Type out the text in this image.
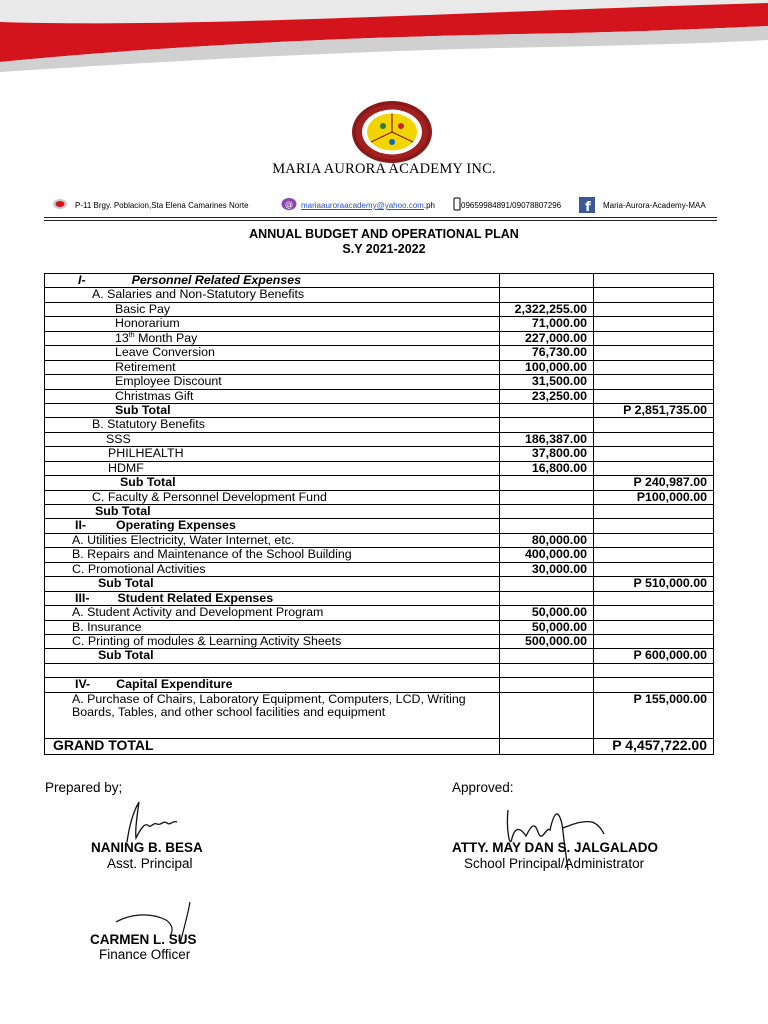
MARIA AURORA ACADEMY INC.
P-11 Brgy. Poblacion,Sta Elena Camarines Norte	@ mariaauroraacademy@yahoo.com.ph	09659984891/09078807296 f Maria-Aurora-Academy-MAA
ANNUAL BUDGET AND OPERATIONAL PLAN
S.Y 2021-2022
I- Personnel Related Expenses		
A. Salaries and Non-Statutory Benefits		
Basic Pay	2,322,255.00	
Honorarium	71,000.00	
13th Month Pay	227,000.00	
Leave Conversion	76,730.00	
Retirement	100,000.00	
Employee Discount	31,500.00	
Christmas Gift	23,250.00	
Sub Total		P 2,851,735.00
B. Statutory Benefits		
SSS	186,387.00	
PHILHEALTH	37,800.00	
HDMF	16,800.00	
Sub Total		P 240,987.00
C. Faculty & Personnel Development Fund		P100,000.00
Sub Total		
II- Operating Expenses		
A. Utilities Electricity, Water Internet, etc.	80,000.00	
B. Repairs and Maintenance of the School Building	400,000.00	
C. Promotional Activities	30,000.00	
Sub Total		P 510,000.00
III- Student Related Expenses		
A. Student Activity and Development Program	50,000.00	
B. Insurance	50,000.00	
C. Printing of modules & Learning Activity Sheets	500,000.00	
Sub Total		P 600,000.00

IV- Capital Expenditure		

A. Purchase of Chairs, Laboratory Equipment, Computers, LCD, Writing Boards, Tables, and other school facilities and equipment		P 155,000.00
GRAND TOTAL		P 4,457,722.00
Prepared by;	Approved:
NANING B. BESA
Asst. Principal
ATTY. MAY DAN S. JALGALADO
School Principal/Administrator
CARMEN L. SUS
Finance Officer
